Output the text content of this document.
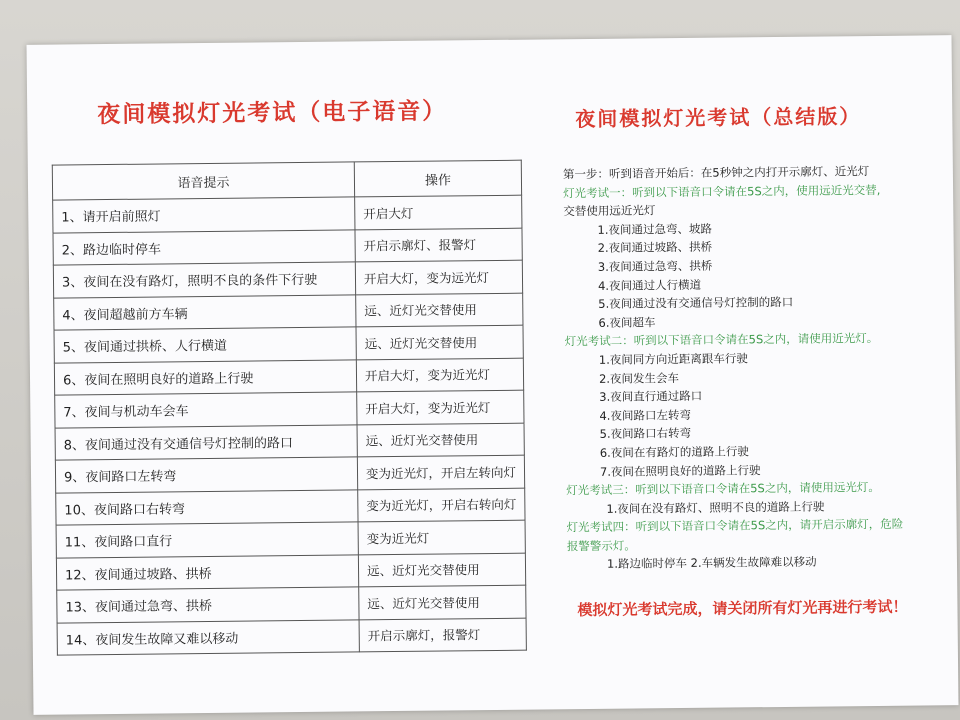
夜间模拟灯光考试（电子语音）	夜间模拟灯光考试（总结版）
语音提示	操作
1、请开启前照灯	开启大灯
2、路边临时停车	开启示廓灯、报警灯
3、夜间在没有路灯，照明不良的条件下行驶	开启大灯，变为远光灯
4、夜间超越前方车辆	远、近灯光交替使用
5、夜间通过拱桥、人行横道	远、近灯光交替使用
6、夜间在照明良好的道路上行驶	开启大灯，变为近光灯
7、夜间与机动车会车	开启大灯，变为近光灯
8、夜间通过没有交通信号灯控制的路口	远、近灯光交替使用
9、夜间路口左转弯	变为近光灯，开启左转向灯
10、夜间路口右转弯	变为近光灯，开启右转向灯
11、夜间路口直行	变为近光灯
12、夜间通过坡路、拱桥	远、近灯光交替使用
13、夜间通过急弯、拱桥	远、近灯光交替使用
14、夜间发生故障又难以移动	开启示廓灯，报警灯
第一步：听到语音开始后：在5秒钟之内打开示廓灯、近光灯
灯光考试一：听到以下语音口令请在5S之内，使用远近光交替,
交替使用远近光灯
1.夜间通过急弯、坡路
2.夜间通过坡路、拱桥
3.夜间通过急弯、拱桥
4.夜间通过人行横道
5.夜间通过没有交通信号灯控制的路口
6.夜间超车
灯光考试二：听到以下语音口令请在5S之内，请使用近光灯。
1.夜间同方向近距离跟车行驶
2.夜间发生会车
3.夜间直行通过路口
4.夜间路口左转弯
5.夜间路口右转弯
6.夜间在有路灯的道路上行驶
7.夜间在照明良好的道路上行驶
灯光考试三：听到以下语音口令请在5S之内，请使用远光灯。
1.夜间在没有路灯、照明不良的道路上行驶
灯光考试四：听到以下语音口令请在5S之内，请开启示廓灯，危险
报警警示灯。
1.路边临时停车 2.车辆发生故障难以移动
模拟灯光考试完成，请关闭所有灯光再进行考试！
